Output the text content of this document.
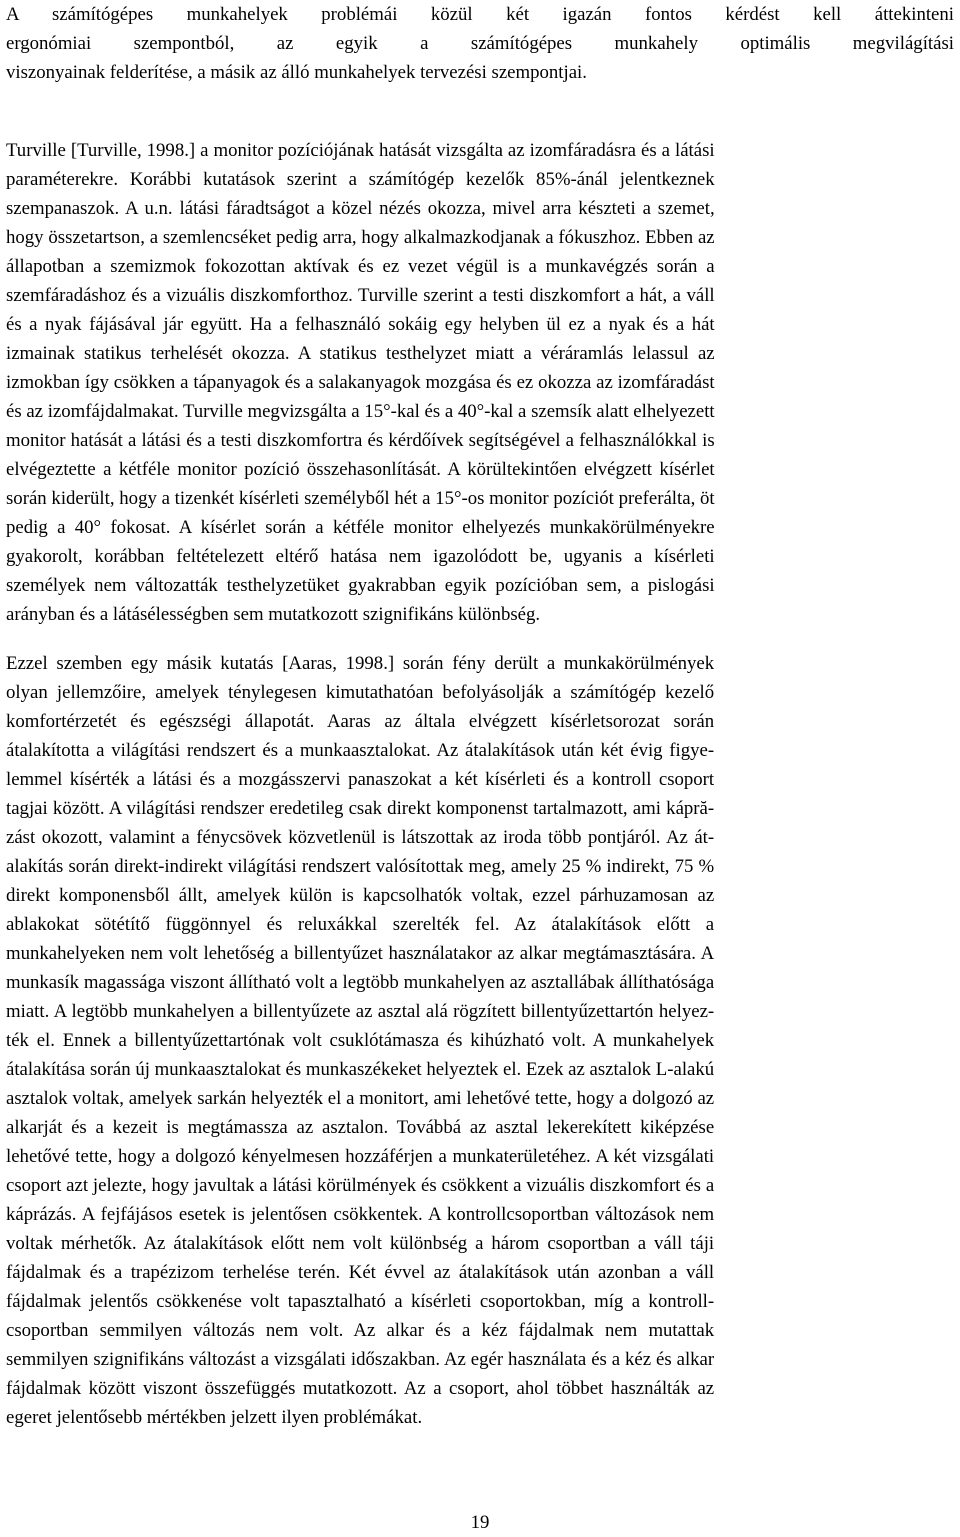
A számítógépes munkahelyek problémái közül két igazán fontos kérdést kell áttekinteni
ergonómiai szempontból, az egyik a számítógépes munkahely optimális megvilágítási
viszonyainak felderítése, a másik az álló munkahelyek tervezési szempontjai.
Turville [Turville, 1998.] a monitor pozíciójának hatását vizsgálta az izomfáradásra és a látási
paraméterekre. Korábbi kutatások szerint a számítógép kezelők 85%-ánál jelentkeznek
szempanaszok. A u.n. látási fáradtságot a közel nézés okozza, mivel arra készteti a szemet,
hogy összetartson, a szemlencséket pedig arra, hogy alkalmazkodjanak a fókuszhoz. Ebben az
állapotban a szemizmok fokozottan aktívak és ez vezet végül is a munkavégzés során a
szemfáradáshoz és a vizuális diszkomforthoz. Turville szerint a testi diszkomfort a hát, a váll
és a nyak fájásával jár együtt. Ha a felhasználó sokáig egy helyben ül ez a nyak és a hát
izmainak statikus terhelését okozza. A statikus testhelyzet miatt a véráramlás lelassul az
izmokban így csökken a tápanyagok és a salakanyagok mozgása és ez okozza az izomfáradást
és az izomfájdalmakat. Turville megvizsgálta a 15°-kal és a 40°-kal a szemsík alatt elhelyezett
monitor hatását a látási és a testi diszkomfortra és kérdőívek segítségével a felhasználókkal is
elvégeztette a kétféle monitor pozíció összehasonlítását. A körültekintően elvégzett kísérlet
során kiderült, hogy a tizenkét kísérleti személyből hét a 15°-os monitor pozíciót preferálta, öt
pedig a 40° fokosat. A kísérlet során a kétféle monitor elhelyezés munkakörülményekre
gyakorolt, korábban feltételezett eltérő hatása nem igazolódott be, ugyanis a kísérleti
személyek nem változatták testhelyzetüket gyakrabban egyik pozícióban sem, a pislogási
arányban és a látásélességben sem mutatkozott szignifikáns különbség.
Ezzel szemben egy másik kutatás [Aaras, 1998.] során fény derült a munkakörülmények
olyan jellemzőire, amelyek ténylegesen kimutathatóan befolyásolják a számítógép kezelő
komfortérzetét és egészségi állapotát. Aaras az általa elvégzett kísérletsorozat során
átalakította a világítási rendszert és a munkaasztalokat. Az átalakítások után két évig figye-
lemmel kísérték a látási és a mozgásszervi panaszokat a két kísérleti és a kontroll csoport
tagjai között. A világítási rendszer eredetileg csak direkt komponenst tartalmazott, ami kápră-
zást okozott, valamint a fénycsövek közvetlenül is látszottak az iroda több pontjáról. Az át-
alakítás során direkt-indirekt világítási rendszert valósítottak meg, amely 25 % indirekt, 75 %
direkt komponensből állt, amelyek külön is kapcsolhatók voltak, ezzel párhuzamosan az
ablakokat sötétítő függönnyel és reluxákkal szerelték fel. Az átalakítások előtt a
munkahelyeken nem volt lehetőség a billentyűzet használatakor az alkar megtámasztására. A
munkasík magassága viszont állítható volt a legtöbb munkahelyen az asztallábak állíthatósága
miatt. A legtöbb munkahelyen a billentyűzete az asztal alá rögzített billentyűzettartón helyez-
ték el. Ennek a billentyűzettartónak volt csuklótámasza és kihúzható volt. A munkahelyek
átalakítása során új munkaasztalokat és munkaszékeket helyeztek el. Ezek az asztalok L-alakú
asztalok voltak, amelyek sarkán helyezték el a monitort, ami lehetővé tette, hogy a dolgozó az
alkarját és a kezeit is megtámassza az asztalon. Továbbá az asztal lekerekített kiképzése
lehetővé tette, hogy a dolgozó kényelmesen hozzáférjen a munkaterületéhez. A két vizsgálati
csoport azt jelezte, hogy javultak a látási körülmények és csökkent a vizuális diszkomfort és a
káprázás. A fejfájásos esetek is jelentősen csökkentek. A kontrollcsoportban változások nem
voltak mérhetők. Az átalakítások előtt nem volt különbség a három csoportban a váll táji
fájdalmak és a trapézizom terhelése terén. Két évvel az átalakítások után azonban a váll
fájdalmak jelentős csökkenése volt tapasztalható a kísérleti csoportokban, míg a kontroll-
csoportban semmilyen változás nem volt. Az alkar és a kéz fájdalmak nem mutattak
semmilyen szignifikáns változást a vizsgálati időszakban. Az egér használata és a kéz és alkar
fájdalmak között viszont összefüggés mutatkozott. Az a csoport, ahol többet használták az
egeret jelentősebb mértékben jelzett ilyen problémákat.
19
